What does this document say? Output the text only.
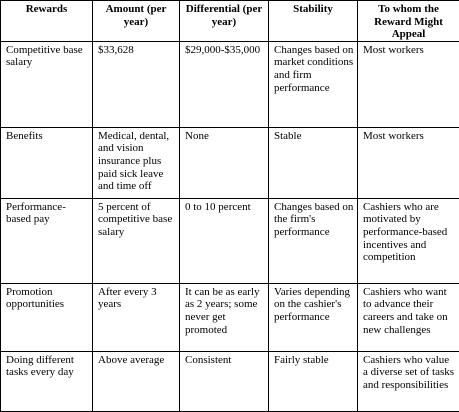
Rewards	Amount (per year)	Differential (per year)	Stability	To whom the Reward Might Appeal
Competitive base salary	$33,628	$29,000-$35,000	Changes based on market conditions and firm performance	Most workers
Benefits	Medical, dental, and vision insurance plus paid sick leave and time off	None	Stable	Most workers
Performance-based pay	5 percent of competitive base salary	0 to 10 percent	Changes based on the firm's performance	Cashiers who are motivated by performance-based incentives and competition
Promotion opportunities	After every 3 years	It can be as early as 2 years; some never get promoted	Varies depending on the cashier's performance	Cashiers who want to advance their careers and take on new challenges
Doing different tasks every day	Above average	Consistent	Fairly stable	Cashiers who value a diverse set of tasks and responsibilities
